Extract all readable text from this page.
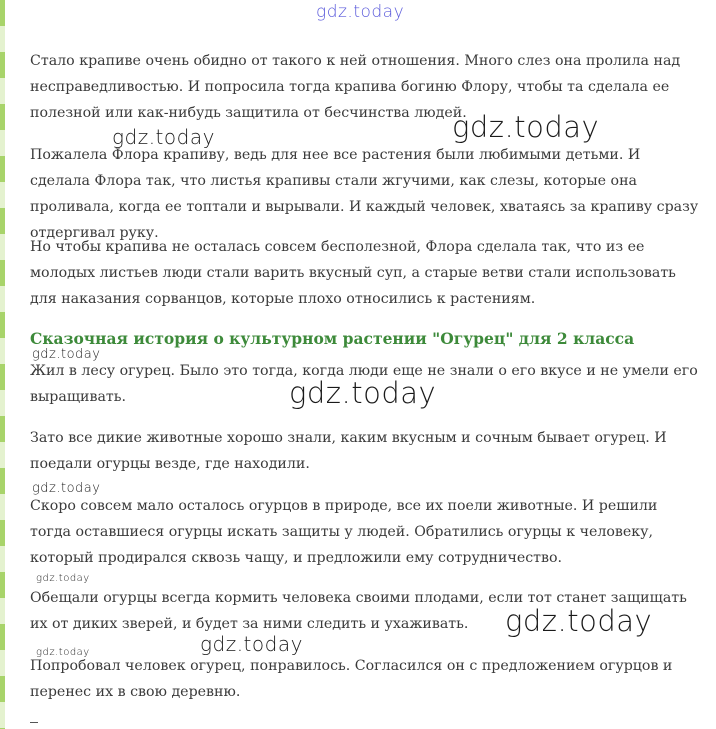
Стало крапиве очень обидно от такого к ней отношения. Много слез она пролила над несправедливостью. И попросила тогда крапива богиню Флору, чтобы та сделала ее полезной или как-нибудь защитила от бесчинства людей.

Пожалела Флора крапиву, ведь для нее все растения были любимыми детьми. И сделала Флора так, что листья крапивы стали жгучими, как слезы, которые она проливала, когда ее топтали и вырывали. И каждый человек, хватаясь за крапиву сразу отдергивал руку.

Но чтобы крапива не осталась совсем бесполезной, Флора сделала так, что из ее молодых листьев люди стали варить вкусный суп, а старые ветви стали использовать для наказания сорванцов, которые плохо относились к растениям.

Сказочная история о культурном растении "Огурец" для 2 класса

Жил в лесу огурец. Было это тогда, когда люди еще не знали о его вкусе и не умели его выращивать.

Зато все дикие животные хорошо знали, каким вкусным и сочным бывает огурец. И поедали огурцы везде, где находили.

Скоро совсем мало осталось огурцов в природе, все их поели животные. И решили тогда оставшиеся огурцы искать защиты у людей. Обратились огурцы к человеку, который продирался сквозь чащу, и предложили ему сотрудничество.

Обещали огурцы всегда кормить человека своими плодами, если тот станет защищать их от диких зверей, и будет за ними следить и ухаживать.

Попробовал человек огурец, понравилось. Согласился он с предложением огурцов и перенес их в свою деревню.

gdz.today
gdz.today	gdz.today
gdz.today
gdz.today
gdz.today
gdz.today
gdz.today
gdz.today
gdz.today
